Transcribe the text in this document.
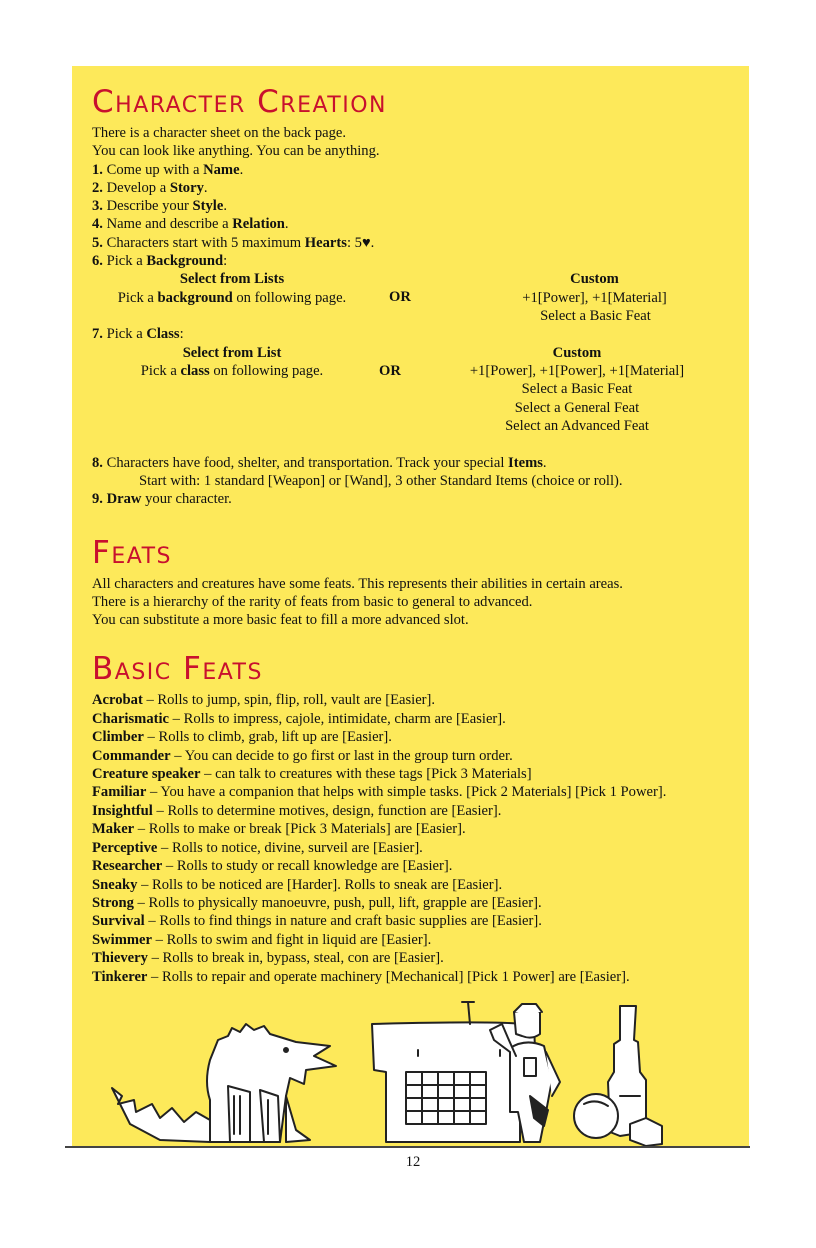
Character Creation

There is a character sheet on the back page.

You can look like anything. You can be anything.

1. Come up with a Name.

2. Develop a Story.

3. Describe your Style.

4. Name and describe a Relation.

5. Characters start with 5 maximum Hearts: 5♥.

6. Pick a Background:

Select from Lists
Pick a background on following page.	OR
Custom
+1[Power], +1[Material]
Select a Basic Feat

7. Pick a Class:

Select from List
Pick a class on following page.	OR
Custom
+1[Power], +1[Power], +1[Material]
Select a Basic Feat
Select a General Feat
Select an Advanced Feat

8. Characters have food, shelter, and transportation. Track your special Items.

Start with: 1 standard [Weapon] or [Wand], 3 other Standard Items (choice or roll).

9. Draw your character.

Feats

All characters and creatures have some feats. This represents their abilities in certain areas.

There is a hierarchy of the rarity of feats from basic to general to advanced.

You can substitute a more basic feat to fill a more advanced slot.

Basic Feats

Acrobat – Rolls to jump, spin, flip, roll, vault are [Easier].

Charismatic – Rolls to impress, cajole, intimidate, charm are [Easier].

Climber – Rolls to climb, grab, lift up are [Easier].

Commander – You can decide to go first or last in the group turn order.

Creature speaker – can talk to creatures with these tags [Pick 3 Materials]

Familiar – You have a companion that helps with simple tasks. [Pick 2 Materials] [Pick 1 Power].

Insightful – Rolls to determine motives, design, function are [Easier].

Maker – Rolls to make or break [Pick 3 Materials] are [Easier].

Perceptive – Rolls to notice, divine, surveil are [Easier].

Researcher – Rolls to study or recall knowledge are [Easier].

Sneaky – Rolls to be noticed are [Harder]. Rolls to sneak are [Easier].

Strong – Rolls to physically manoeuvre, push, pull, lift, grapple are [Easier].

Survival – Rolls to find things in nature and craft basic supplies are [Easier].

Swimmer – Rolls to swim and fight in liquid are [Easier].

Thievery – Rolls to break in, bypass, steal, con are [Easier].

Tinkerer – Rolls to repair and operate machinery [Mechanical] [Pick 1 Power] are [Easier].

12
